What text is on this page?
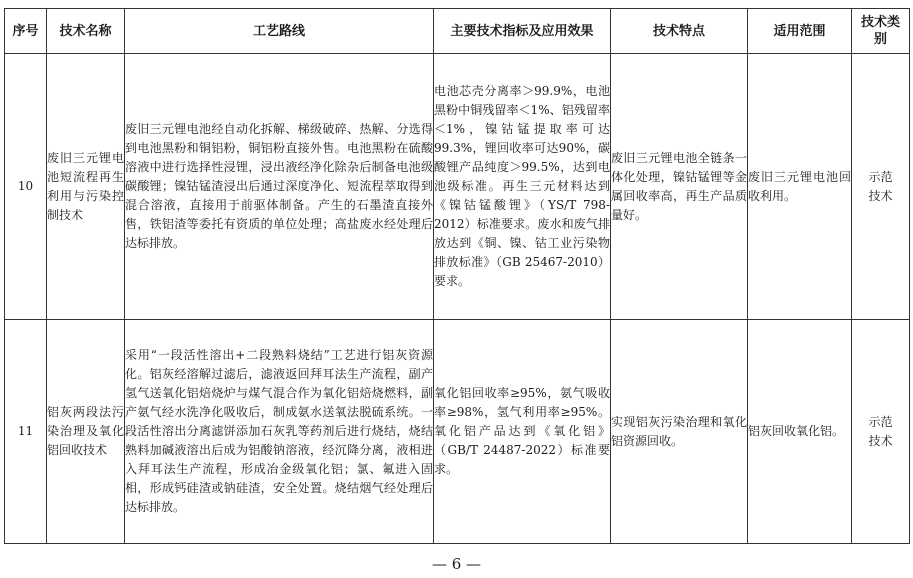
序号	技术名称	工艺路线	主要技术指标及应用效果	技术特点	适用范围	技术类别
10	废旧三元锂电池短流程再生利用与污染控制技术	废旧三元锂电池经自动化拆解、梯级破碎、热解、分选得到电池黑粉和铜铝粉，铜铝粉直接外售。电池黑粉在硫酸溶液中进行选择性浸锂，浸出液经净化除杂后制备电池级碳酸锂；镍钴锰渣浸出后通过深度净化、短流程萃取得到混合溶液，直接用于前驱体制备。产生的石墨渣直接外售，铁铝渣等委托有资质的单位处理；高盐废水经处理后达标排放。	电池芯壳分离率＞99.9%，电池黑粉中铜残留率＜1%、铝残留率＜1%，镍钴锰提取率可达99.3%，锂回收率可达90%，碳酸锂产品纯度＞99.5%，达到电池级标准。再生三元材料达到《镍钴锰酸锂》（YS/T 798-2012）标准要求。废水和废气排放达到《铜、镍、钴工业污染物排放标准》（GB 25467-2010）要求。	废旧三元锂电池全链条一体化处理，镍钴锰锂等金属回收率高，再生产品质量好。	废旧三元锂电池回收利用。	示范技术
11	铝灰两段法污染治理及氧化铝回收技术	采用“一段活性溶出+二段熟料烧结”工艺进行铝灰资源化。铝灰经溶解过滤后，滤液返回拜耳法生产流程，副产氢气送氧化铝焙烧炉与煤气混合作为氧化铝焙烧燃料，副产氨气经水洗净化吸收后，制成氨水送氧法脱硫系统。一段活性溶出分离滤饼添加石灰乳等药剂后进行烧结，烧结熟料加碱液溶出后成为铝酸钠溶液，经沉降分离，液相进入拜耳法生产流程，形成冶金级氧化铝；氯、氟进入固相，形成钙硅渣或钠硅渣，安全处置。烧结烟气经处理后达标排放。	氧化铝回收率≥95%，氨气吸收率≥98%，氢气利用率≥95%。氧化铝产品达到《氧化铝》（GB/T 24487-2022）标准要求。	实现铝灰污染治理和氧化铝资源回收。	铝灰回收氧化铝。	示范技术
— 6 —
